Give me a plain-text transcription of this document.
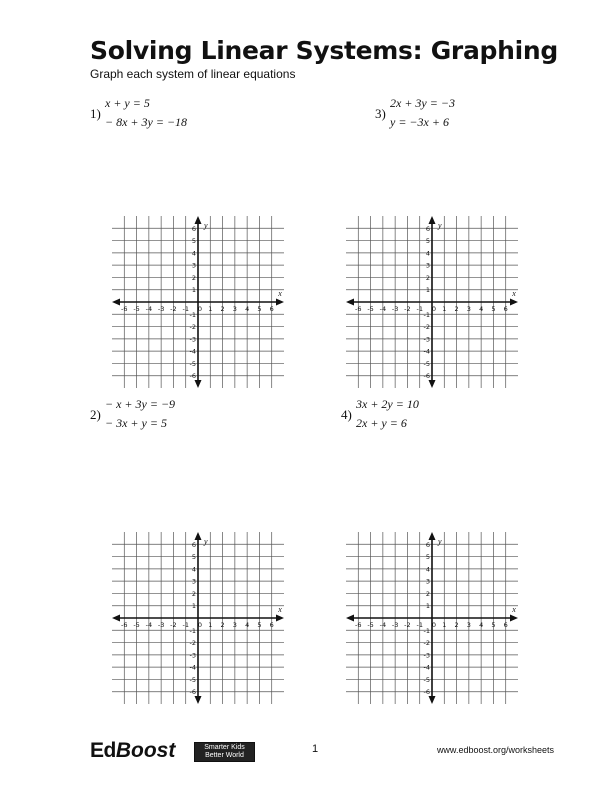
Solving Linear Systems: Graphing
Graph each system of linear equations
1)
x + y = 5
− 8x + 3y = −18
3)
2x + 3y = −3
y = −3x + 6
2)
− x + 3y = −9
− 3x + y = 5
4)
3x + 2y = 10
2x + y = 6
-6 -5 -4 -3 -2 -1 0 1 2 3 4 5 6
6
5
4
3
2
1
-1
-2
-3
-4
-5
-6
x
y
-6 -5 -4 -3 -2 -1 0 1 2 3 4 5 6
6
5
4
3
2
1
-1
-2
-3
-4
-5
-6
x
y
-6 -5 -4 -3 -2 -1 0 1 2 3 4 5 6
6
5
4
3
2
1
-1
-2
-3
-4
-5
-6
x
y
-6 -5 -4 -3 -2 -1 0 1 2 3 4 5 6
6
5
4
3
2
1
-1
-2
-3
-4
-5
-6
x
y
EdBoost	Smarter Kids
Better World
1	www.edboost.org/worksheets
